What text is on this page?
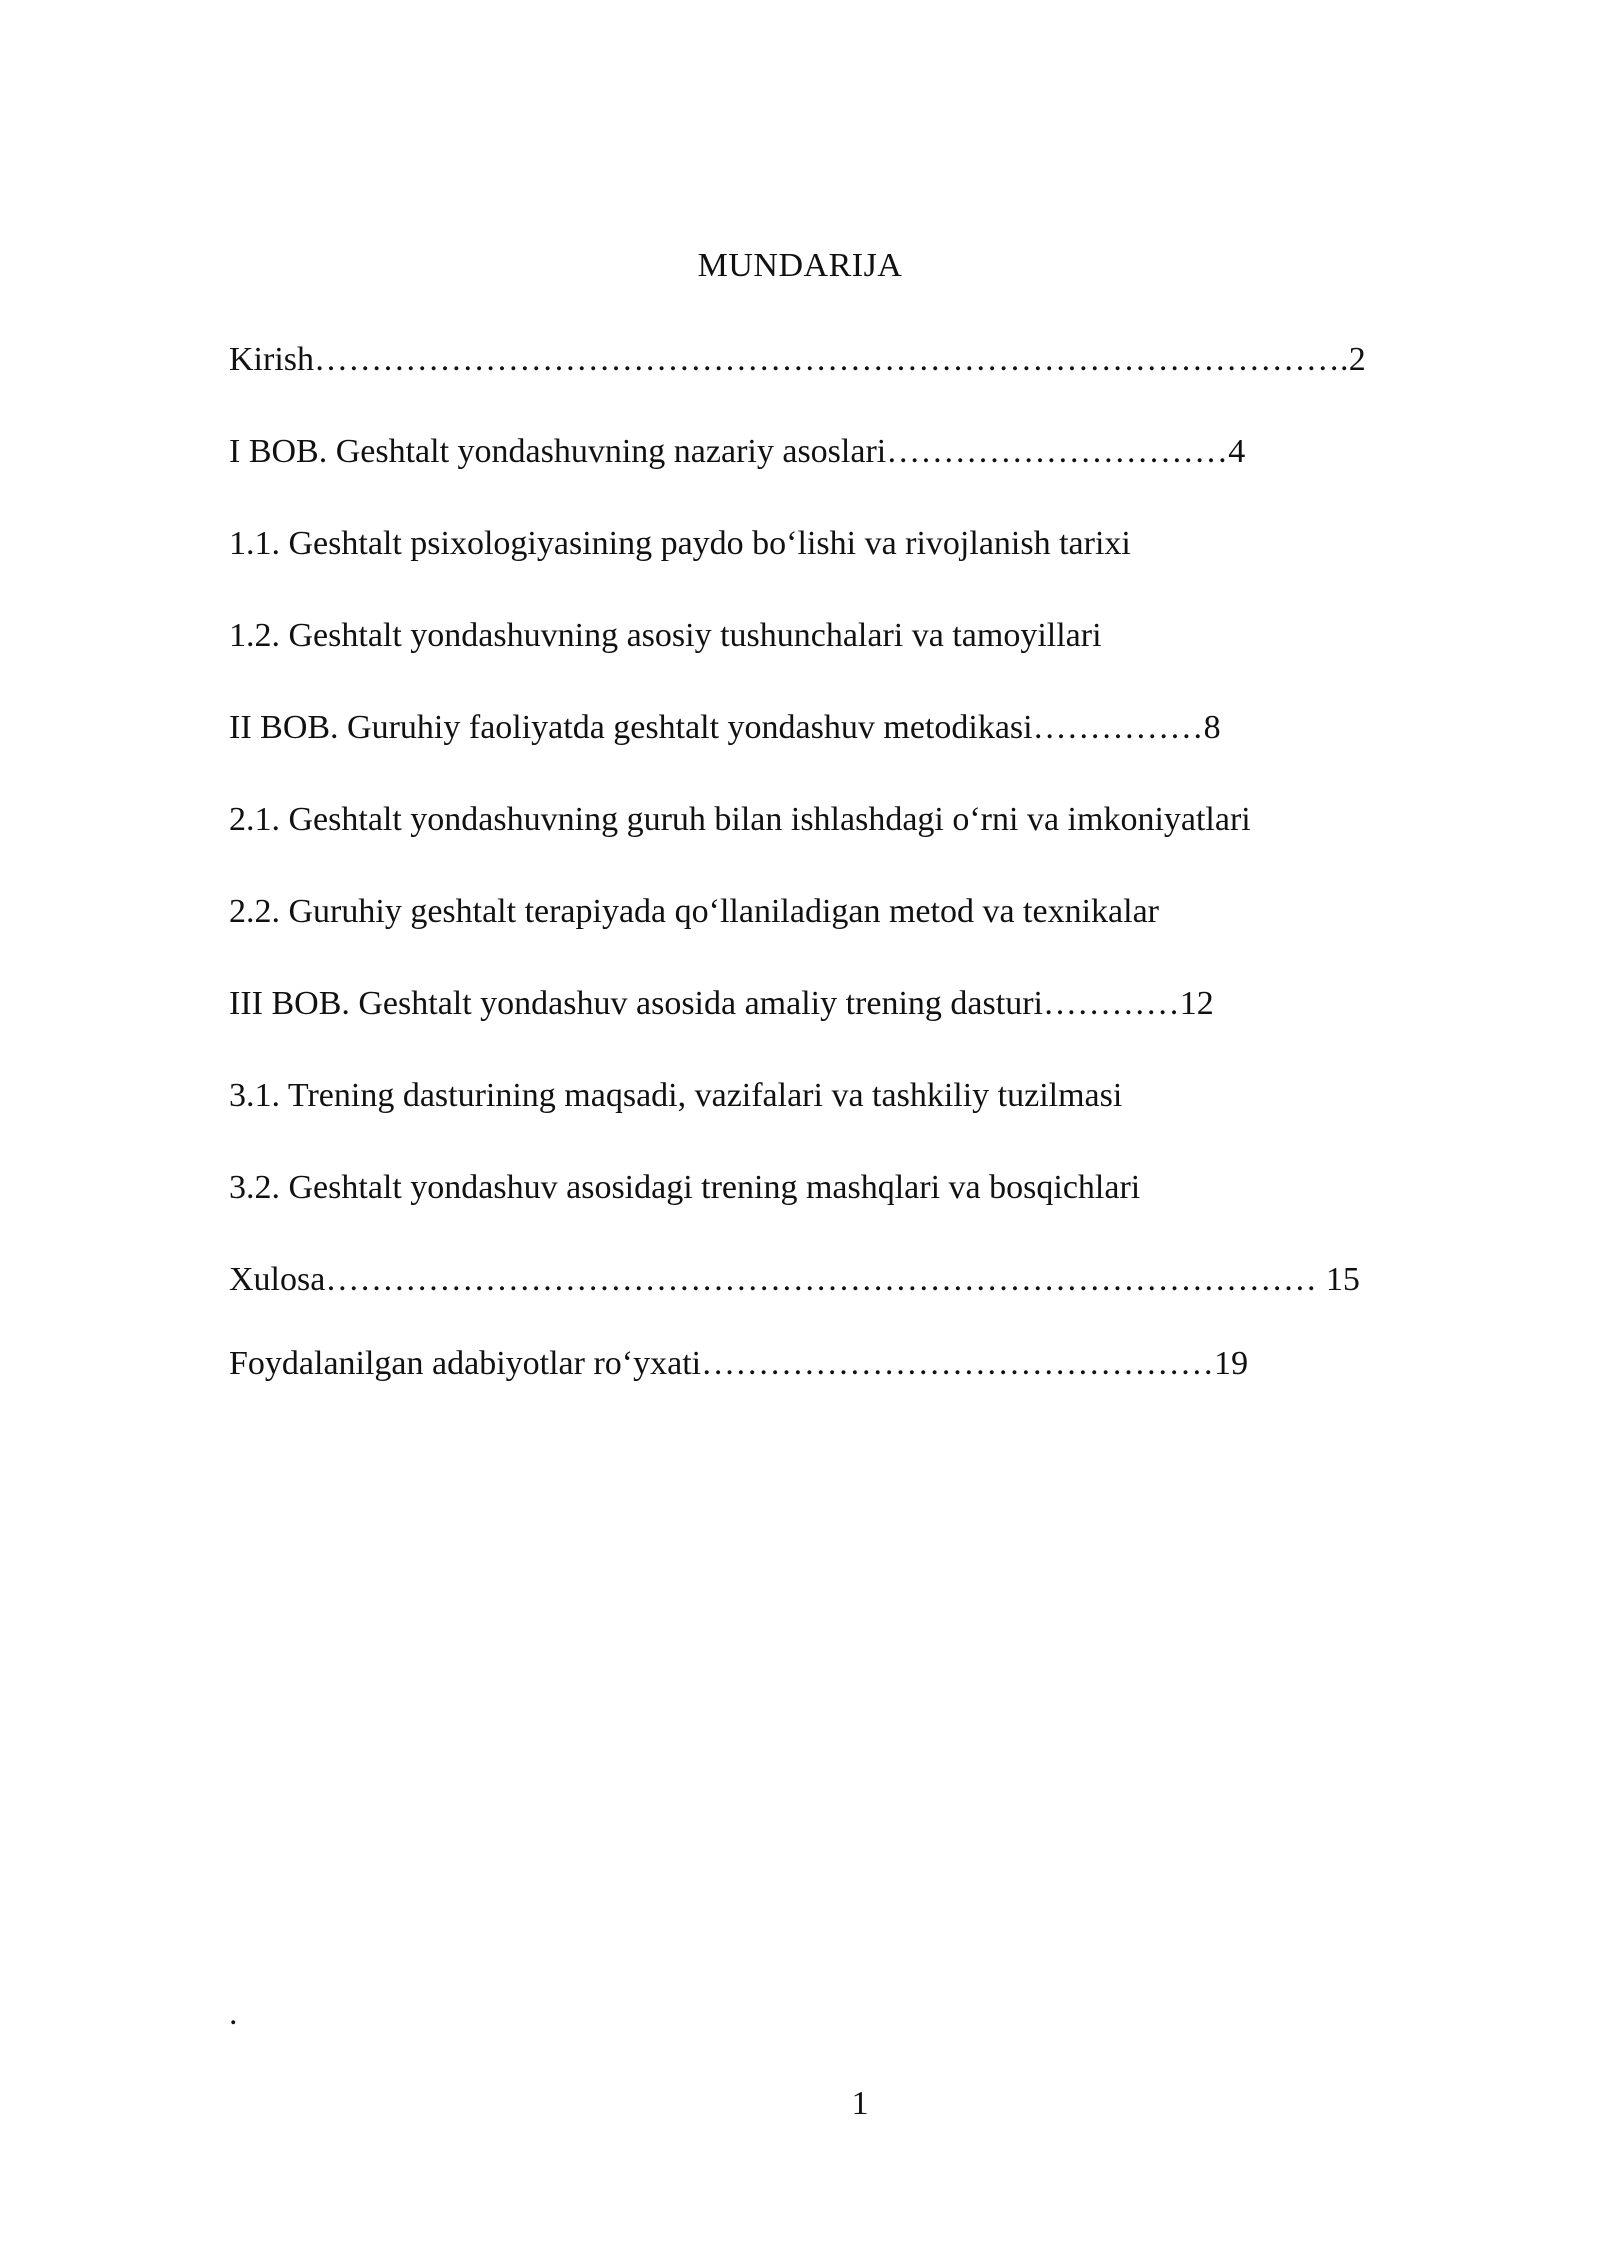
MUNDARIJA
Kirish……………………………………………………………………………….2
I BOB. Geshtalt yondashuvning nazariy asoslari…………………………4
1.1. Geshtalt psixologiyasining paydo bo‘lishi va rivojlanish tarixi
1.2. Geshtalt yondashuvning asosiy tushunchalari va tamoyillari
II BOB. Guruhiy faoliyatda geshtalt yondashuv metodikasi……………8
2.1. Geshtalt yondashuvning guruh bilan ishlashdagi o‘rni va imkoniyatlari
2.2. Guruhiy geshtalt terapiyada qo‘llaniladigan metod va texnikalar
III BOB. Geshtalt yondashuv asosida amaliy trening dasturi…………12
3.1. Trening dasturining maqsadi, vazifalari va tashkiliy tuzilmasi
3.2. Geshtalt yondashuv asosidagi trening mashqlari va bosqichlari
Xulosa…………………………………………………………………………… 15
Foydalanilgan adabiyotlar ro‘yxati………………………………………19
.
1
